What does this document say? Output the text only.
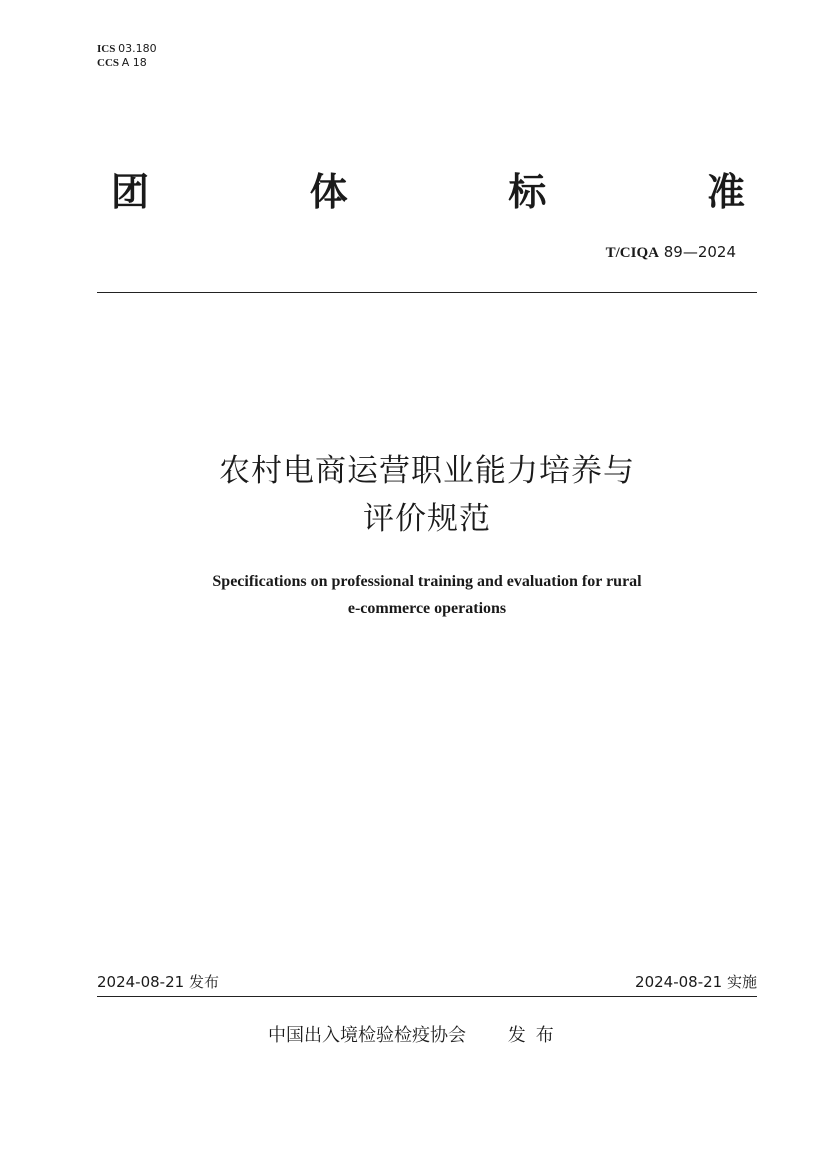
ICS 03.180
CCS A 18
团	体	标	准
T/CIQA 89—2024
农村电商运营职业能力培养与
评价规范
Specifications on professional training and evaluation for rural
e-commerce operations
2024-08-21 发布	2024-08-21 实施
中国出入境检验检疫协会 发布
